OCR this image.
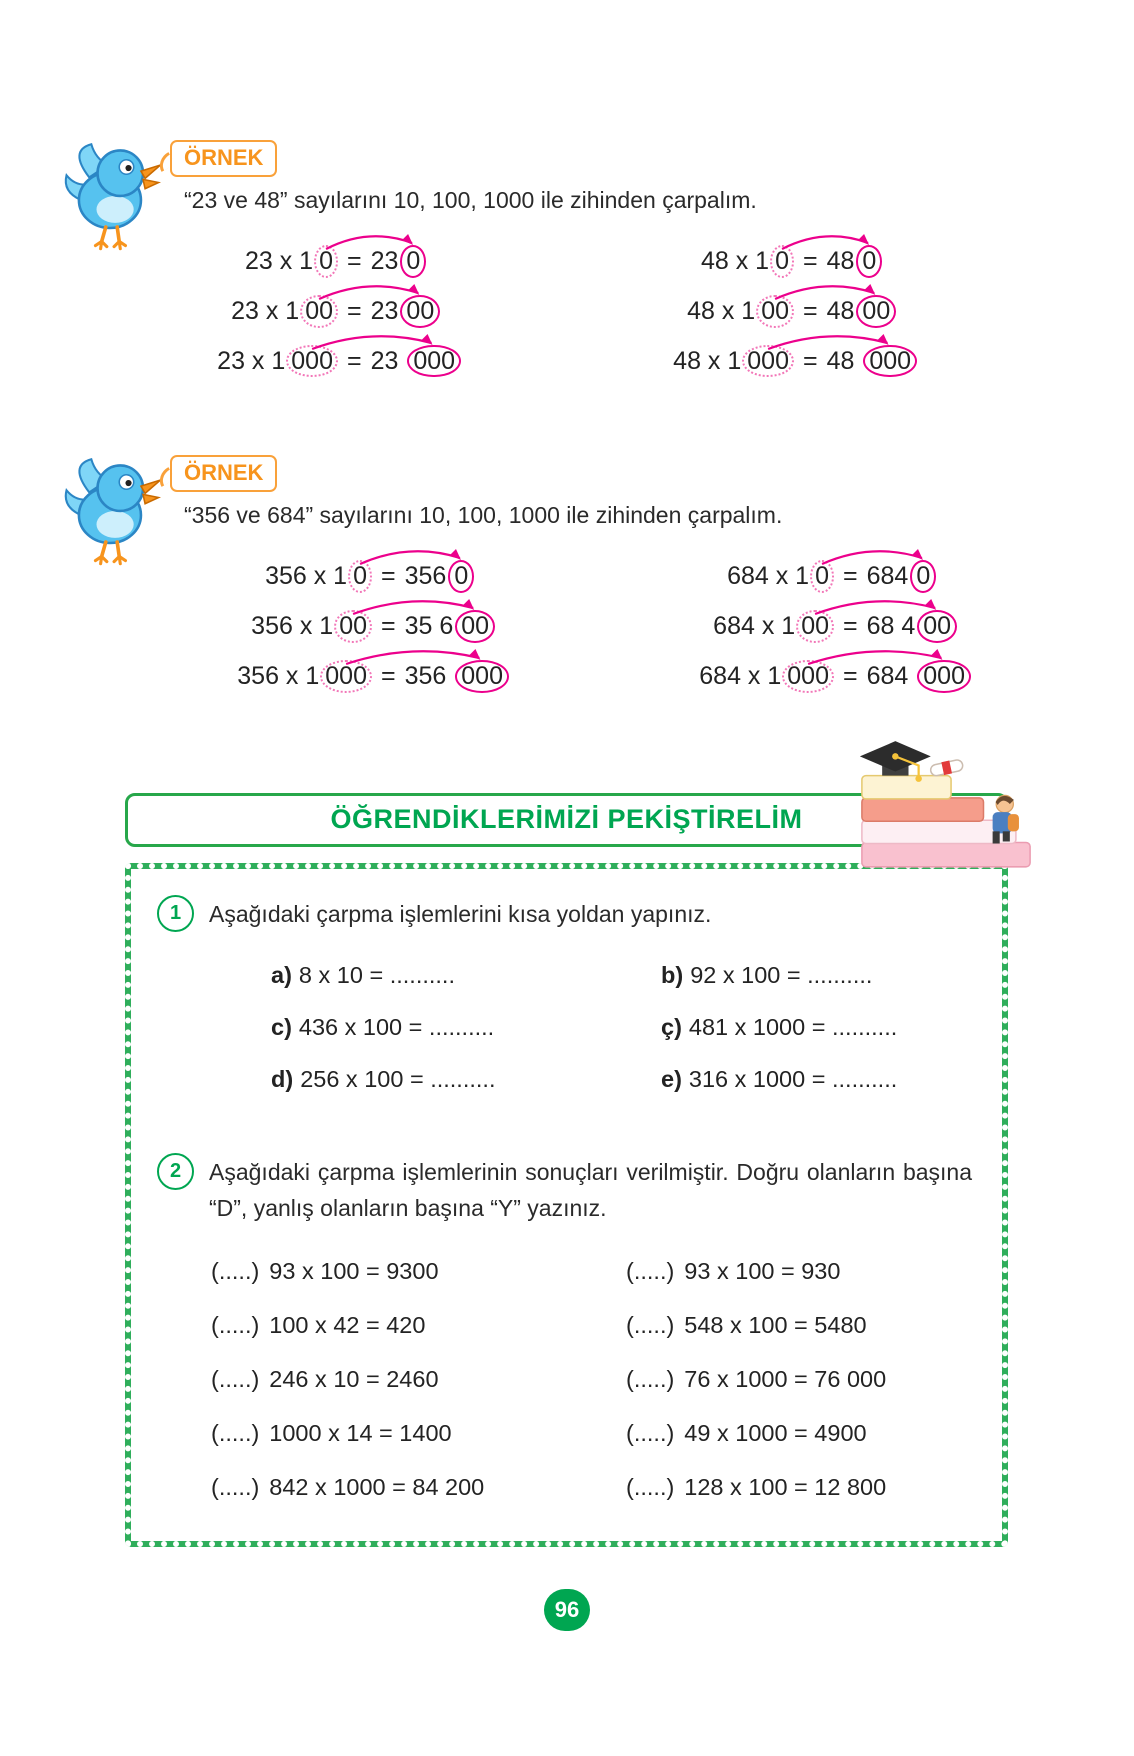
ÖRNEK

“23 ve 48” sayılarını 10, 100, 1000 ile zihinden çarpalım.

23 x 1 0 = 23 0
23 x 1 00 = 23 00
23 x 1 000 = 23 000
48 x 1 0 = 48 0
48 x 1 00 = 48 00
48 x 1 000 = 48 000
ÖRNEK

“356 ve 684” sayılarını 10, 100, 1000 ile zihinden çarpalım.

356 x 1 0 = 356 0
356 x 1 00 = 35 6 00
356 x 1 000 = 356 000
684 x 1 0 = 684 0
684 x 1 00 = 68 4 00
684 x 1 000 = 684 000
ÖĞRENDİKLERİMİZİ PEKİŞTİRELİM
1	Aşağıdaki çarpma işlemlerini kısa yoldan yapınız.
a) 8 x 10 = ..........	b) 92 x 100 = ..........
c) 436 x 100 = ..........	ç) 481 x 1000 = ..........
d) 256 x 100 = ..........	e) 316 x 1000 = ..........
2	Aşağıdaki çarpma işlemlerinin sonuçları verilmiştir. Doğru olanların başına “D”, yanlış olanların başına “Y” yazınız.
(.....) 93 x 100 = 9300	(.....) 93 x 100 = 930
(.....) 100 x 42 = 420	(.....) 548 x 100 = 5480
(.....) 246 x 10 = 2460	(.....) 76 x 1000 = 76 000
(.....) 1000 x 14 = 1400	(.....) 49 x 1000 = 4900
(.....) 842 x 1000 = 84 200	(.....) 128 x 100 = 12 800
96
